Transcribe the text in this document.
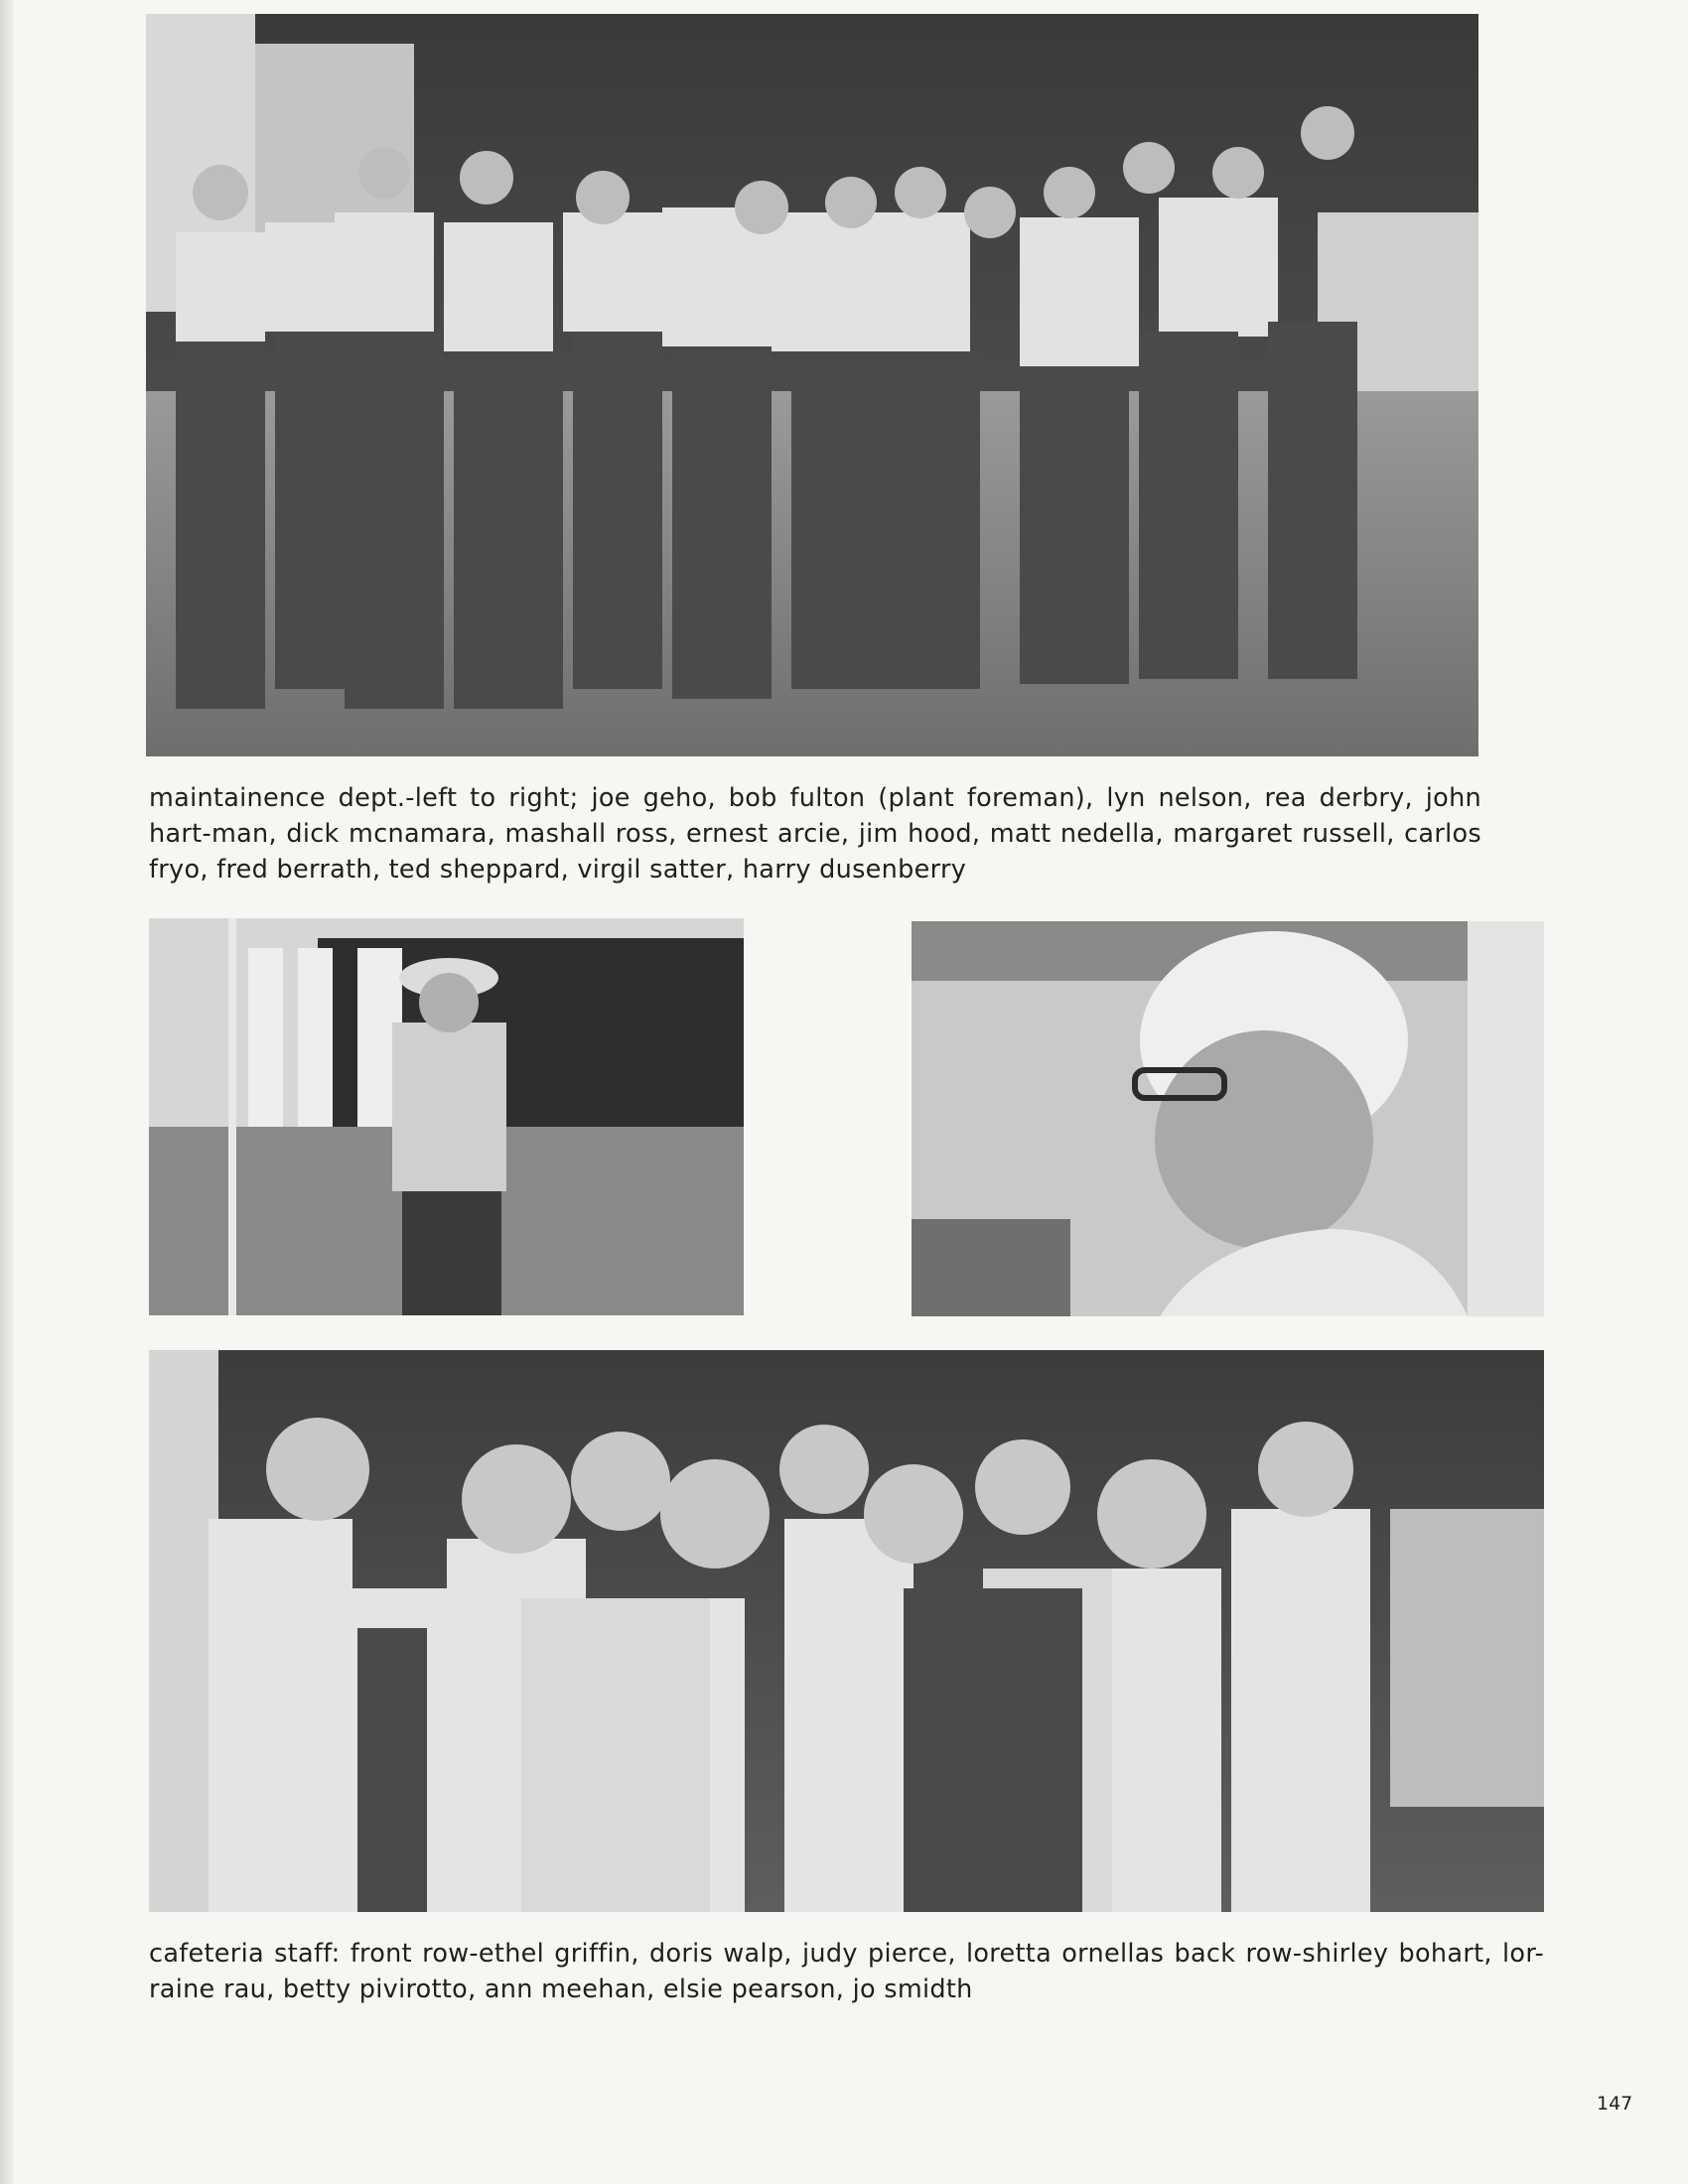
maintainence dept.-left to right; joe geho, bob fulton (plant foreman), lyn nelson, rea derbry, john hart-man, dick mcnamara, mashall ross, ernest arcie, jim hood, matt nedella, margaret russell, carlos fryo, fred berrath, ted sheppard, virgil satter, harry dusenberry

cafeteria staff: front row-ethel griffin, doris walp, judy pierce, loretta ornellas back row-shirley bohart, lor-raine rau, betty pivirotto, ann meehan, elsie pearson, jo smidth

147
